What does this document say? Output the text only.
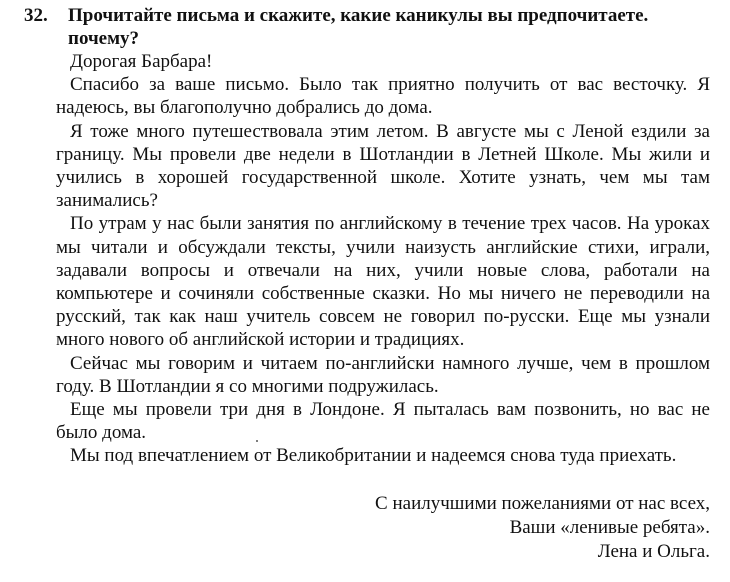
32. Прочитайте письма и скажите, какие каникулы вы предпочитаете. почему?

Дорогая Барбара!

Спасибо за ваше письмо. Было так приятно получить от вас весточку. Я надеюсь, вы благополучно добрались до дома.

Я тоже много путешествовала этим летом. В августе мы с Леной ездили за границу. Мы провели две недели в Шотландии в Летней Школе. Мы жили и учились в хорошей государственной школе. Хотите узнать, чем мы там занимались?

По утрам у нас были занятия по английскому в течение трех часов. На уроках мы читали и обсуждали тексты, учили наизусть английские стихи, играли, задавали вопросы и отвечали на них, учили новые слова, работали на компьютере и сочиняли собственные сказки. Но мы ничего не переводили на русский, так как наш учитель совсем не говорил по-русски. Еще мы узнали много нового об английской истории и традициях.

Сейчас мы говорим и читаем по-английски намного лучше, чем в прошлом году. В Шотландии я со многими подружилась.

Еще мы провели три дня в Лондоне. Я пыталась вам позвонить, но вас не было дома.

Мы под впечатлением от Великобритании и надеемся снова туда приехать.

С наилучшими пожеланиями от нас всех,
Ваши «ленивые ребята».
Лена и Ольга.
